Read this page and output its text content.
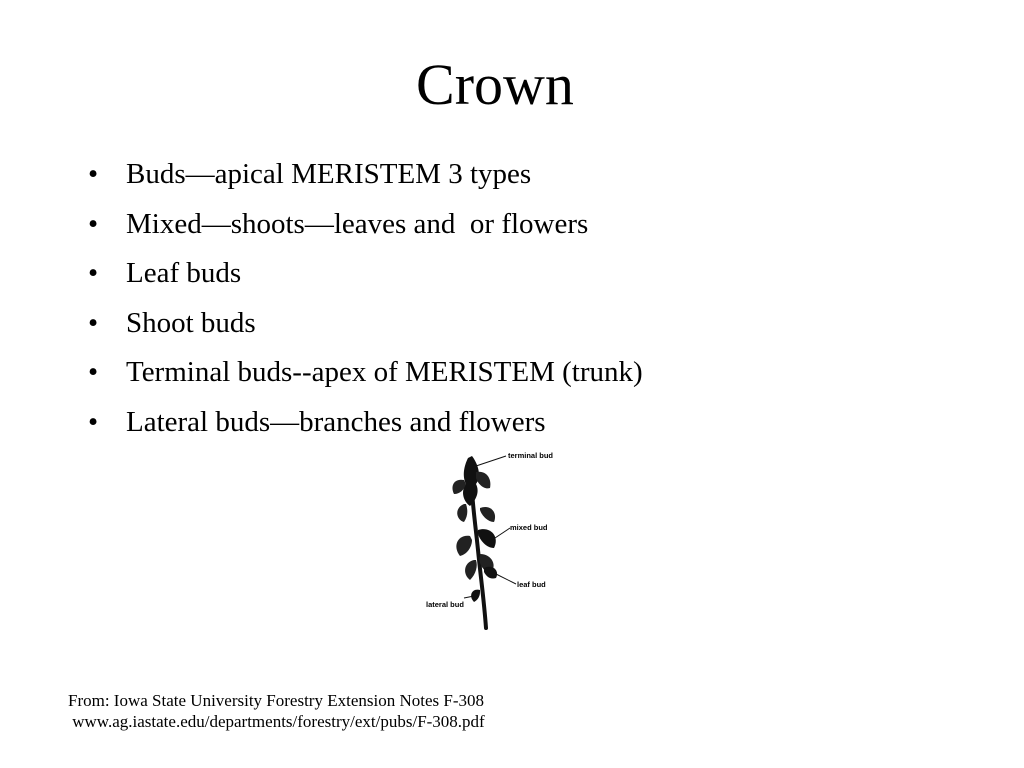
Crown
• Buds—apical MERISTEM 3 types
• Mixed—shoots—leaves and  or flowers
• Leaf buds
• Shoot buds
• Terminal buds--apex of MERISTEM (trunk)
• Lateral buds—branches and flowers
terminal bud
mixed bud
leaf bud
lateral bud
From: Iowa State University Forestry Extension Notes F-308
www.ag.iastate.edu/departments/forestry/ext/pubs/F-308.pdf
